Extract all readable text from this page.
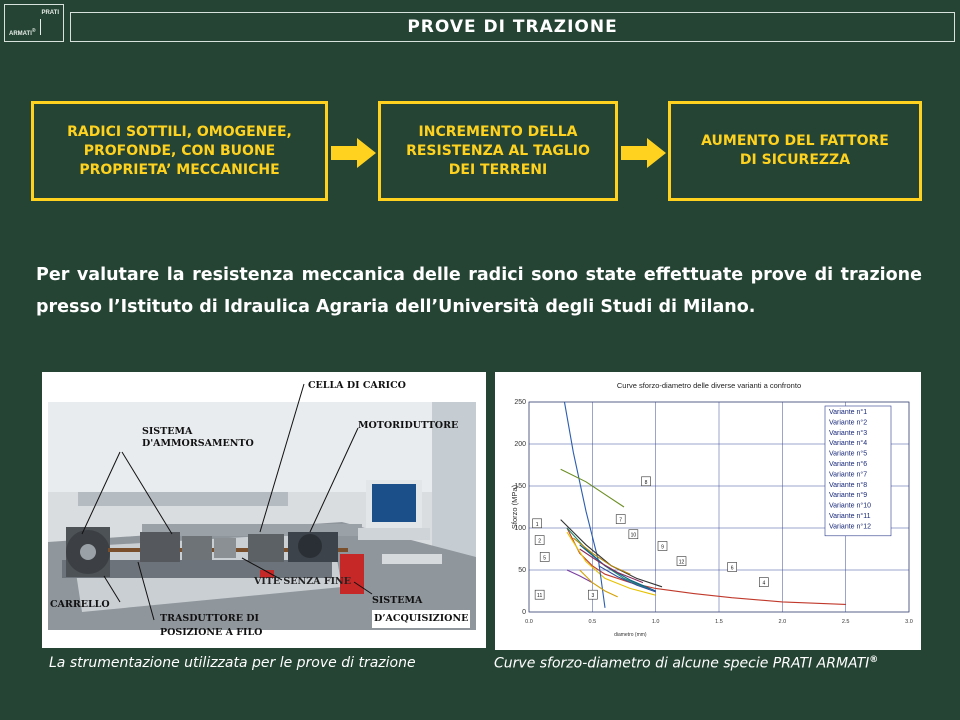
PRATI
ARMATI®	PROVE DI TRAZIONE
RADICI SOTTILI, OMOGENEE,
PROFONDE, CON BUONE
PROPRIETA’ MECCANICHE
INCREMENTO DELLA
RESISTENZA AL TAGLIO
DEI TERRENI
AUMENTO DEL FATTORE
DI SICUREZZA
Per valutare la resistenza meccanica delle radici sono state effettuate prove di trazione presso l’Istituto di Idraulica Agraria dell’Università degli Studi di Milano.
CELLA DI CARICO
SISTEMA
D'AMMORSAMENTO
MOTORIDUTTORE
VITE SENZA FINE
CARRELLO
TRASDUTTORE DI
POSIZIONE A FILO
SISTEMA
D’ACQUISIZIONE
Curve sforzo-diametro delle diverse varianti a confronto
0.0	0.5	1.0	1.5	2.0	2.5	3.0
0
50
100
150
200
250
diametro (mm)
Sforzo (MPa)	1
2
5
11	3
7
10
9
12
8
6
4
Variante n°1
Variante n°2
Variante n°3
Variante n°4
Variante n°5
Variante n°6
Variante n°7
Variante n°8
Variante n°9
Variante n°10
Variante n°11
Variante n°12
La strumentazione utilizzata per le prove di trazione	Curve sforzo-diametro di alcune specie PRATI ARMATI®
